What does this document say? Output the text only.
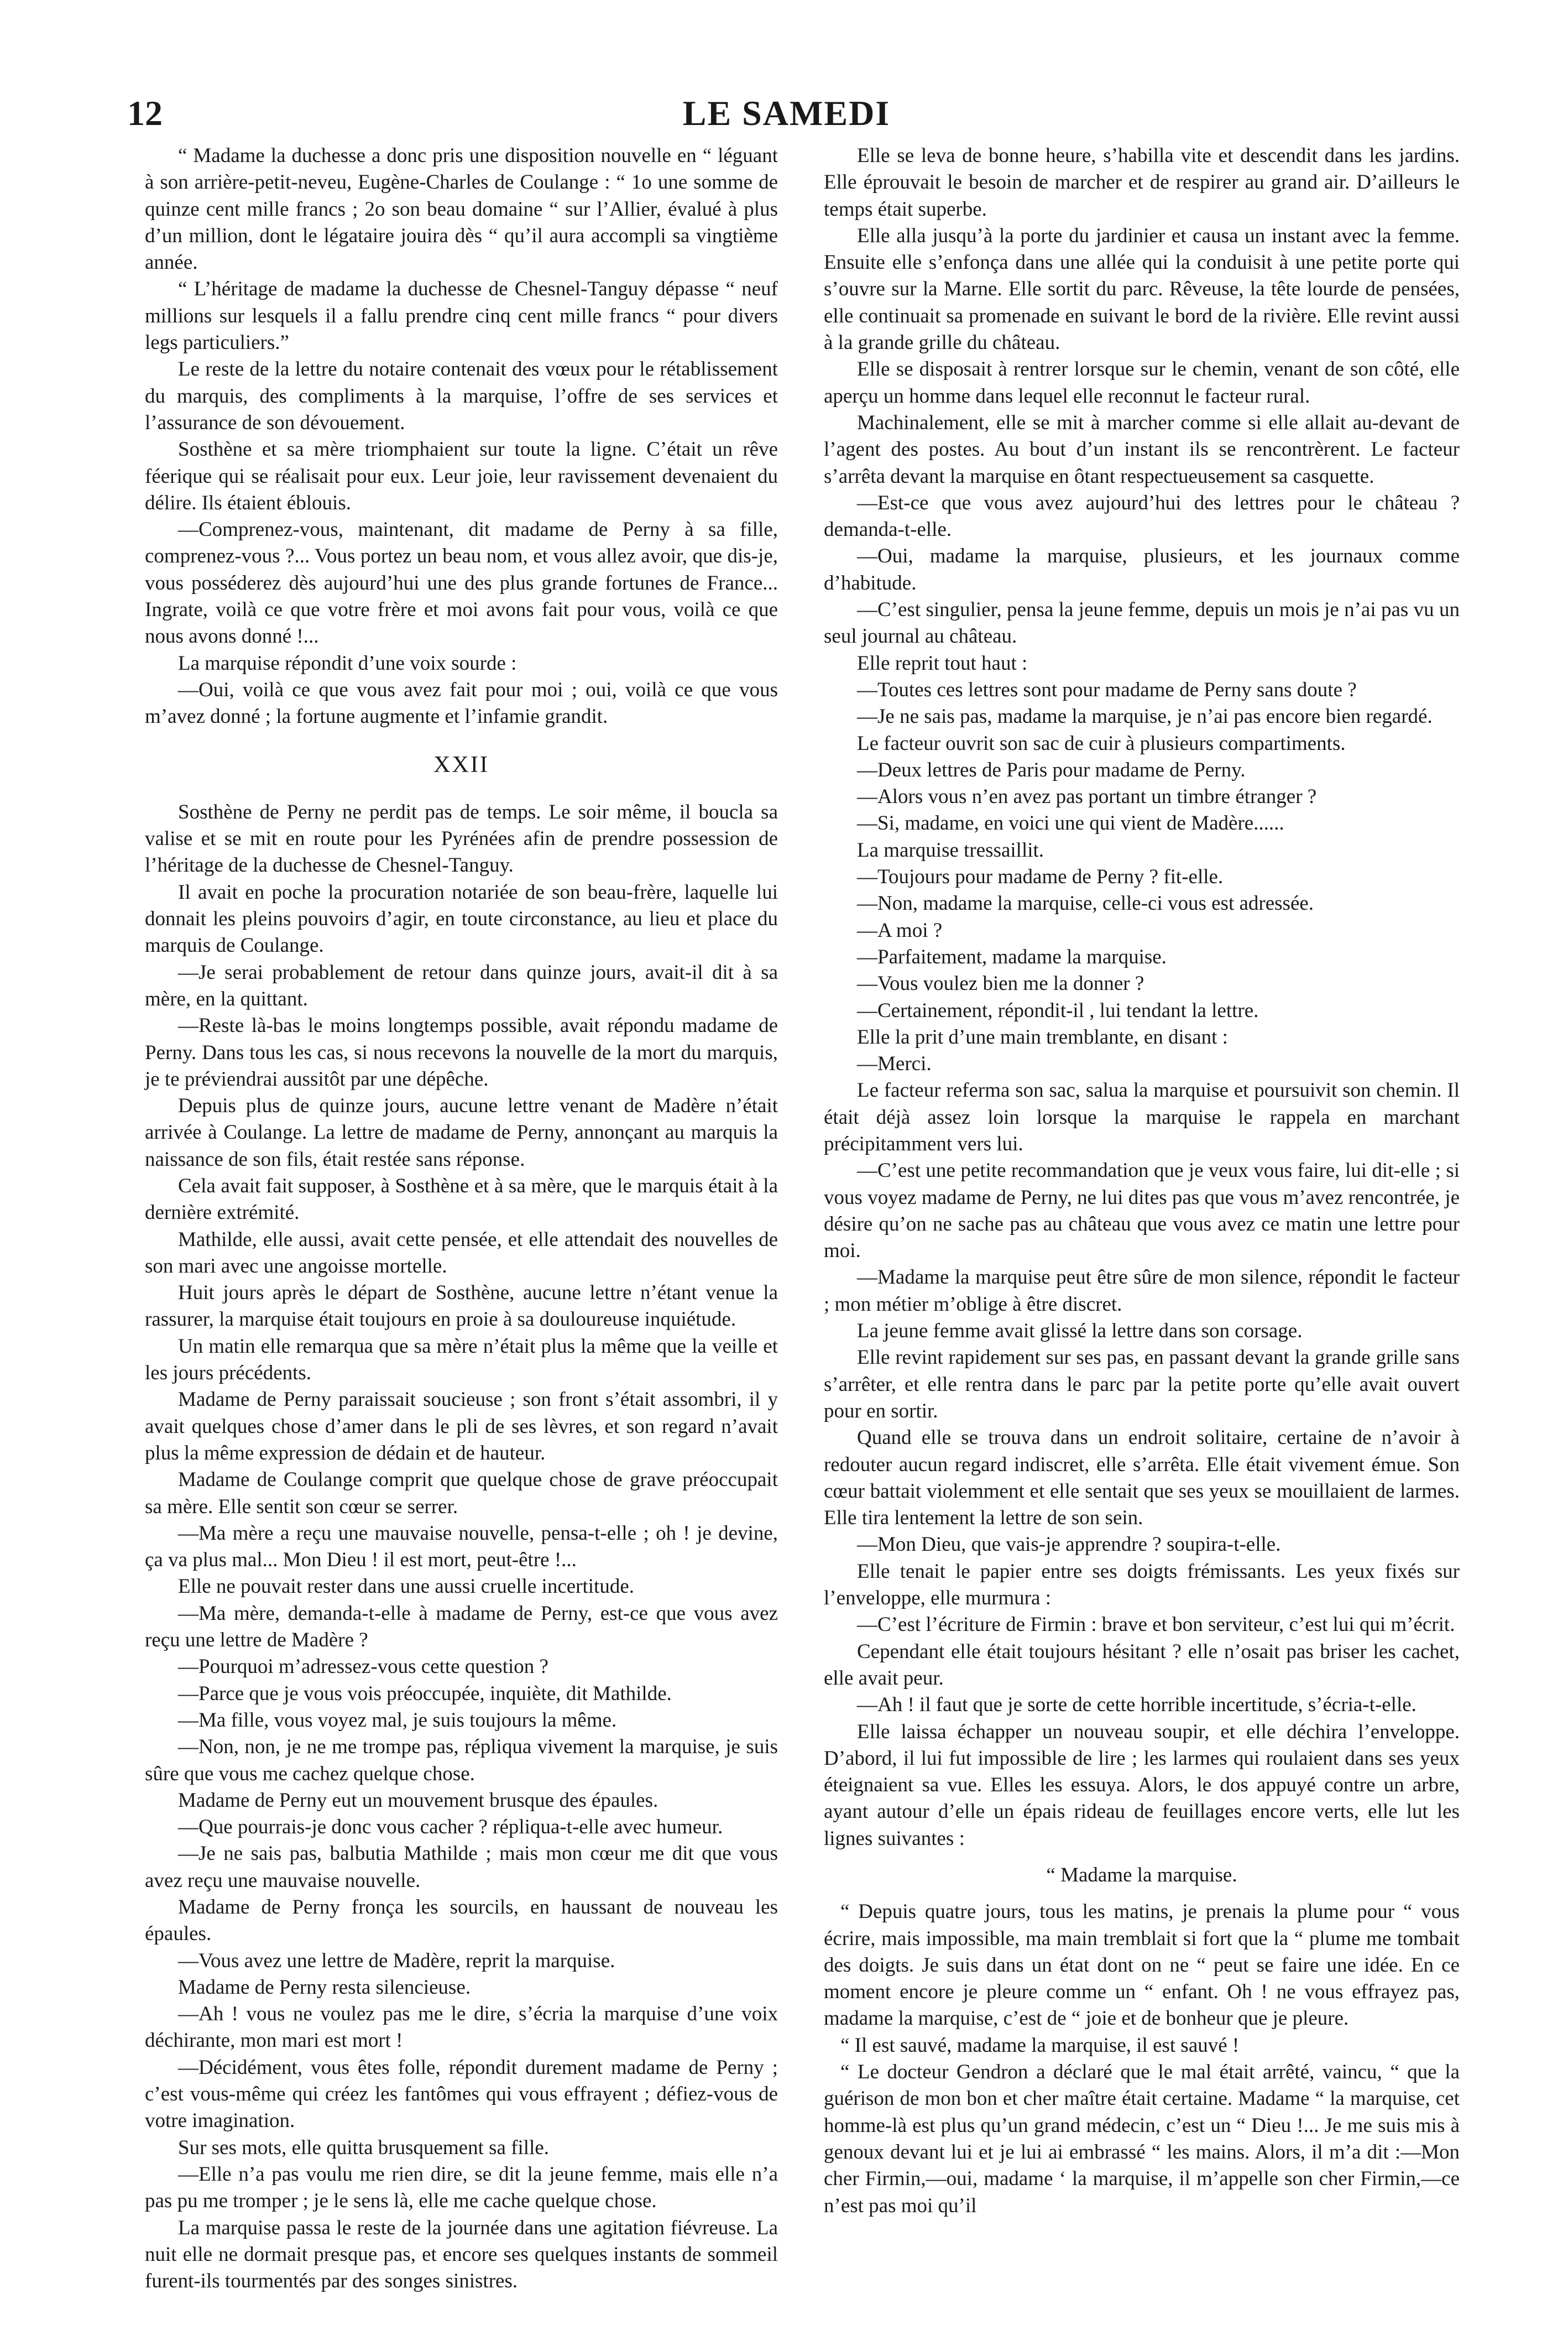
12	LE SAMEDI

“ Madame la duchesse a donc pris une disposition nouvelle en “ léguant à son arrière-petit-neveu, Eugène-Charles de Coulange : “ 1o une somme de quinze cent mille francs ; 2o son beau domaine “ sur l’Allier, évalué à plus d’un million, dont le légataire jouira dès “ qu’il aura accompli sa vingtième année.

“ L’héritage de madame la duchesse de Chesnel-Tanguy dépasse “ neuf millions sur lesquels il a fallu prendre cinq cent mille francs “ pour divers legs particuliers.”

Le reste de la lettre du notaire contenait des vœux pour le rétablissement du marquis, des compliments à la marquise, l’offre de ses services et l’assurance de son dévouement.

Sosthène et sa mère triomphaient sur toute la ligne. C’était un rêve féerique qui se réalisait pour eux. Leur joie, leur ravissement devenaient du délire. Ils étaient éblouis.

—Comprenez-vous, maintenant, dit madame de Perny à sa fille, comprenez-vous ?... Vous portez un beau nom, et vous allez avoir, que dis-je, vous posséderez dès aujourd’hui une des plus grande fortunes de France... Ingrate, voilà ce que votre frère et moi avons fait pour vous, voilà ce que nous avons donné !...

La marquise répondit d’une voix sourde :

—Oui, voilà ce que vous avez fait pour moi ; oui, voilà ce que vous m’avez donné ; la fortune augmente et l’infamie grandit.

XXII

Sosthène de Perny ne perdit pas de temps. Le soir même, il boucla sa valise et se mit en route pour les Pyrénées afin de prendre possession de l’héritage de la duchesse de Chesnel-Tanguy.

Il avait en poche la procuration notariée de son beau-frère, laquelle lui donnait les pleins pouvoirs d’agir, en toute circonstance, au lieu et place du marquis de Coulange.

—Je serai probablement de retour dans quinze jours, avait-il dit à sa mère, en la quittant.

—Reste là-bas le moins longtemps possible, avait répondu madame de Perny. Dans tous les cas, si nous recevons la nouvelle de la mort du marquis, je te préviendrai aussitôt par une dépêche.

Depuis plus de quinze jours, aucune lettre venant de Madère n’était arrivée à Coulange. La lettre de madame de Perny, annonçant au marquis la naissance de son fils, était restée sans réponse.

Cela avait fait supposer, à Sosthène et à sa mère, que le marquis était à la dernière extrémité.

Mathilde, elle aussi, avait cette pensée, et elle attendait des nouvelles de son mari avec une angoisse mortelle.

Huit jours après le départ de Sosthène, aucune lettre n’étant venue la rassurer, la marquise était toujours en proie à sa douloureuse inquiétude.

Un matin elle remarqua que sa mère n’était plus la même que la veille et les jours précédents.

Madame de Perny paraissait soucieuse ; son front s’était assombri, il y avait quelques chose d’amer dans le pli de ses lèvres, et son regard n’avait plus la même expression de dédain et de hauteur.

Madame de Coulange comprit que quelque chose de grave préoccupait sa mère. Elle sentit son cœur se serrer.

—Ma mère a reçu une mauvaise nouvelle, pensa-t-elle ; oh ! je devine, ça va plus mal... Mon Dieu ! il est mort, peut-être !...

Elle ne pouvait rester dans une aussi cruelle incertitude.

—Ma mère, demanda-t-elle à madame de Perny, est-ce que vous avez reçu une lettre de Madère ?

—Pourquoi m’adressez-vous cette question ?

—Parce que je vous vois préoccupée, inquiète, dit Mathilde.

—Ma fille, vous voyez mal, je suis toujours la même.

—Non, non, je ne me trompe pas, répliqua vivement la marquise, je suis sûre que vous me cachez quelque chose.

Madame de Perny eut un mouvement brusque des épaules.

—Que pourrais-je donc vous cacher ? répliqua-t-elle avec humeur.

—Je ne sais pas, balbutia Mathilde ; mais mon cœur me dit que vous avez reçu une mauvaise nouvelle.

Madame de Perny fronça les sourcils, en haussant de nouveau les épaules.

—Vous avez une lettre de Madère, reprit la marquise.

Madame de Perny resta silencieuse.

—Ah ! vous ne voulez pas me le dire, s’écria la marquise d’une voix déchirante, mon mari est mort !

—Décidément, vous êtes folle, répondit durement madame de Perny ; c’est vous-même qui créez les fantômes qui vous effrayent ; défiez-vous de votre imagination.

Sur ses mots, elle quitta brusquement sa fille.

—Elle n’a pas voulu me rien dire, se dit la jeune femme, mais elle n’a pas pu me tromper ; je le sens là, elle me cache quelque chose.

La marquise passa le reste de la journée dans une agitation fiévreuse. La nuit elle ne dormait presque pas, et encore ses quelques instants de sommeil furent-ils tourmentés par des songes sinistres.

Elle se leva de bonne heure, s’habilla vite et descendit dans les jardins. Elle éprouvait le besoin de marcher et de respirer au grand air. D’ailleurs le temps était superbe.

Elle alla jusqu’à la porte du jardinier et causa un instant avec la femme. Ensuite elle s’enfonça dans une allée qui la conduisit à une petite porte qui s’ouvre sur la Marne. Elle sortit du parc. Rêveuse, la tête lourde de pensées, elle continuait sa promenade en suivant le bord de la rivière. Elle revint aussi à la grande grille du château.

Elle se disposait à rentrer lorsque sur le chemin, venant de son côté, elle aperçu un homme dans lequel elle reconnut le facteur rural.

Machinalement, elle se mit à marcher comme si elle allait au-devant de l’agent des postes. Au bout d’un instant ils se rencontrèrent. Le facteur s’arrêta devant la marquise en ôtant respectueusement sa casquette.

—Est-ce que vous avez aujourd’hui des lettres pour le château ? demanda-t-elle.

—Oui, madame la marquise, plusieurs, et les journaux comme d’habitude.

—C’est singulier, pensa la jeune femme, depuis un mois je n’ai pas vu un seul journal au château.

Elle reprit tout haut :

—Toutes ces lettres sont pour madame de Perny sans doute ?

—Je ne sais pas, madame la marquise, je n’ai pas encore bien regardé.

Le facteur ouvrit son sac de cuir à plusieurs compartiments.

—Deux lettres de Paris pour madame de Perny.

—Alors vous n’en avez pas portant un timbre étranger ?

—Si, madame, en voici une qui vient de Madère......

La marquise tressaillit.

—Toujours pour madame de Perny ? fit-elle.

—Non, madame la marquise, celle-ci vous est adressée.

—A moi ?

—Parfaitement, madame la marquise.

—Vous voulez bien me la donner ?

—Certainement, répondit-il , lui tendant la lettre.

Elle la prit d’une main tremblante, en disant :

—Merci.

Le facteur referma son sac, salua la marquise et poursuivit son chemin. Il était déjà assez loin lorsque la marquise le rappela en marchant précipitamment vers lui.

—C’est une petite recommandation que je veux vous faire, lui dit-elle ; si vous voyez madame de Perny, ne lui dites pas que vous m’avez rencontrée, je désire qu’on ne sache pas au château que vous avez ce matin une lettre pour moi.

—Madame la marquise peut être sûre de mon silence, répondit le facteur ; mon métier m’oblige à être discret.

La jeune femme avait glissé la lettre dans son corsage.

Elle revint rapidement sur ses pas, en passant devant la grande grille sans s’arrêter, et elle rentra dans le parc par la petite porte qu’elle avait ouvert pour en sortir.

Quand elle se trouva dans un endroit solitaire, certaine de n’avoir à redouter aucun regard indiscret, elle s’arrêta. Elle était vivement émue. Son cœur battait violemment et elle sentait que ses yeux se mouillaient de larmes. Elle tira lentement la lettre de son sein.

—Mon Dieu, que vais-je apprendre ? soupira-t-elle.

Elle tenait le papier entre ses doigts frémissants. Les yeux fixés sur l’enveloppe, elle murmura :

—C’est l’écriture de Firmin : brave et bon serviteur, c’est lui qui m’écrit.

Cependant elle était toujours hésitant ? elle n’osait pas briser les cachet, elle avait peur.

—Ah ! il faut que je sorte de cette horrible incertitude, s’écria-t-elle.

Elle laissa échapper un nouveau soupir, et elle déchira l’enveloppe. D’abord, il lui fut impossible de lire ; les larmes qui roulaient dans ses yeux éteignaient sa vue. Elles les essuya. Alors, le dos appuyé contre un arbre, ayant autour d’elle un épais rideau de feuillages encore verts, elle lut les lignes suivantes :

“ Madame la marquise.

“ Depuis quatre jours, tous les matins, je prenais la plume pour “ vous écrire, mais impossible, ma main tremblait si fort que la “ plume me tombait des doigts. Je suis dans un état dont on ne “ peut se faire une idée. En ce moment encore je pleure comme un “ enfant. Oh ! ne vous effrayez pas, madame la marquise, c’est de “ joie et de bonheur que je pleure.

“ Il est sauvé, madame la marquise, il est sauvé !

“ Le docteur Gendron a déclaré que le mal était arrêté, vaincu, “ que la guérison de mon bon et cher maître était certaine. Madame “ la marquise, cet homme-là est plus qu’un grand médecin, c’est un “ Dieu !... Je me suis mis à genoux devant lui et je lui ai embrassé “ les mains. Alors, il m’a dit :—Mon cher Firmin,—oui, madame ‘ la marquise, il m’appelle son cher Firmin,—ce n’est pas moi qu’il
